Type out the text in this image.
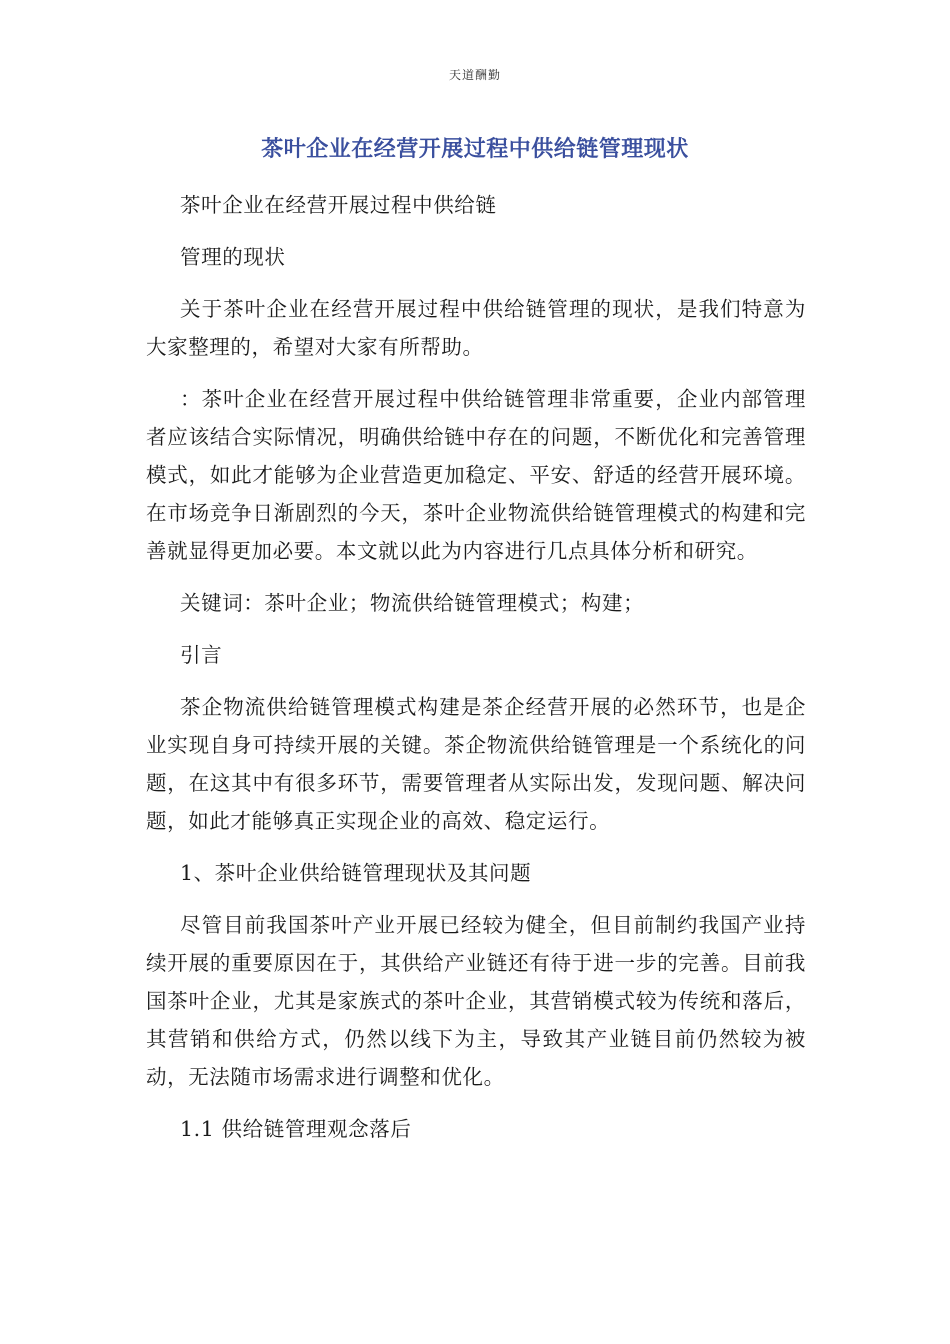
天道酬勤
茶叶企业在经营开展过程中供给链管理现状

茶叶企业在经营开展过程中供给链

管理的现状

关于茶叶企业在经营开展过程中供给链管理的现状，是我们特意为大家整理的，希望对大家有所帮助。

：茶叶企业在经营开展过程中供给链管理非常重要，企业内部管理者应该结合实际情况，明确供给链中存在的问题，不断优化和完善管理模式，如此才能够为企业营造更加稳定、平安、舒适的经营开展环境。在市场竞争日渐剧烈的今天，茶叶企业物流供给链管理模式的构建和完善就显得更加必要。本文就以此为内容进行几点具体分析和研究。

关键词：茶叶企业；物流供给链管理模式；构建；

引言

茶企物流供给链管理模式构建是茶企经营开展的必然环节，也是企业实现自身可持续开展的关键。茶企物流供给链管理是一个系统化的问题，在这其中有很多环节，需要管理者从实际出发，发现问题、解决问题，如此才能够真正实现企业的高效、稳定运行。

1、茶叶企业供给链管理现状及其问题

尽管目前我国茶叶产业开展已经较为健全，但目前制约我国产业持续开展的重要原因在于，其供给产业链还有待于进一步的完善。目前我国茶叶企业，尤其是家族式的茶叶企业，其营销模式较为传统和落后，其营销和供给方式，仍然以线下为主，导致其产业链目前仍然较为被动，无法随市场需求进行调整和优化。

1.1 供给链管理观念落后
